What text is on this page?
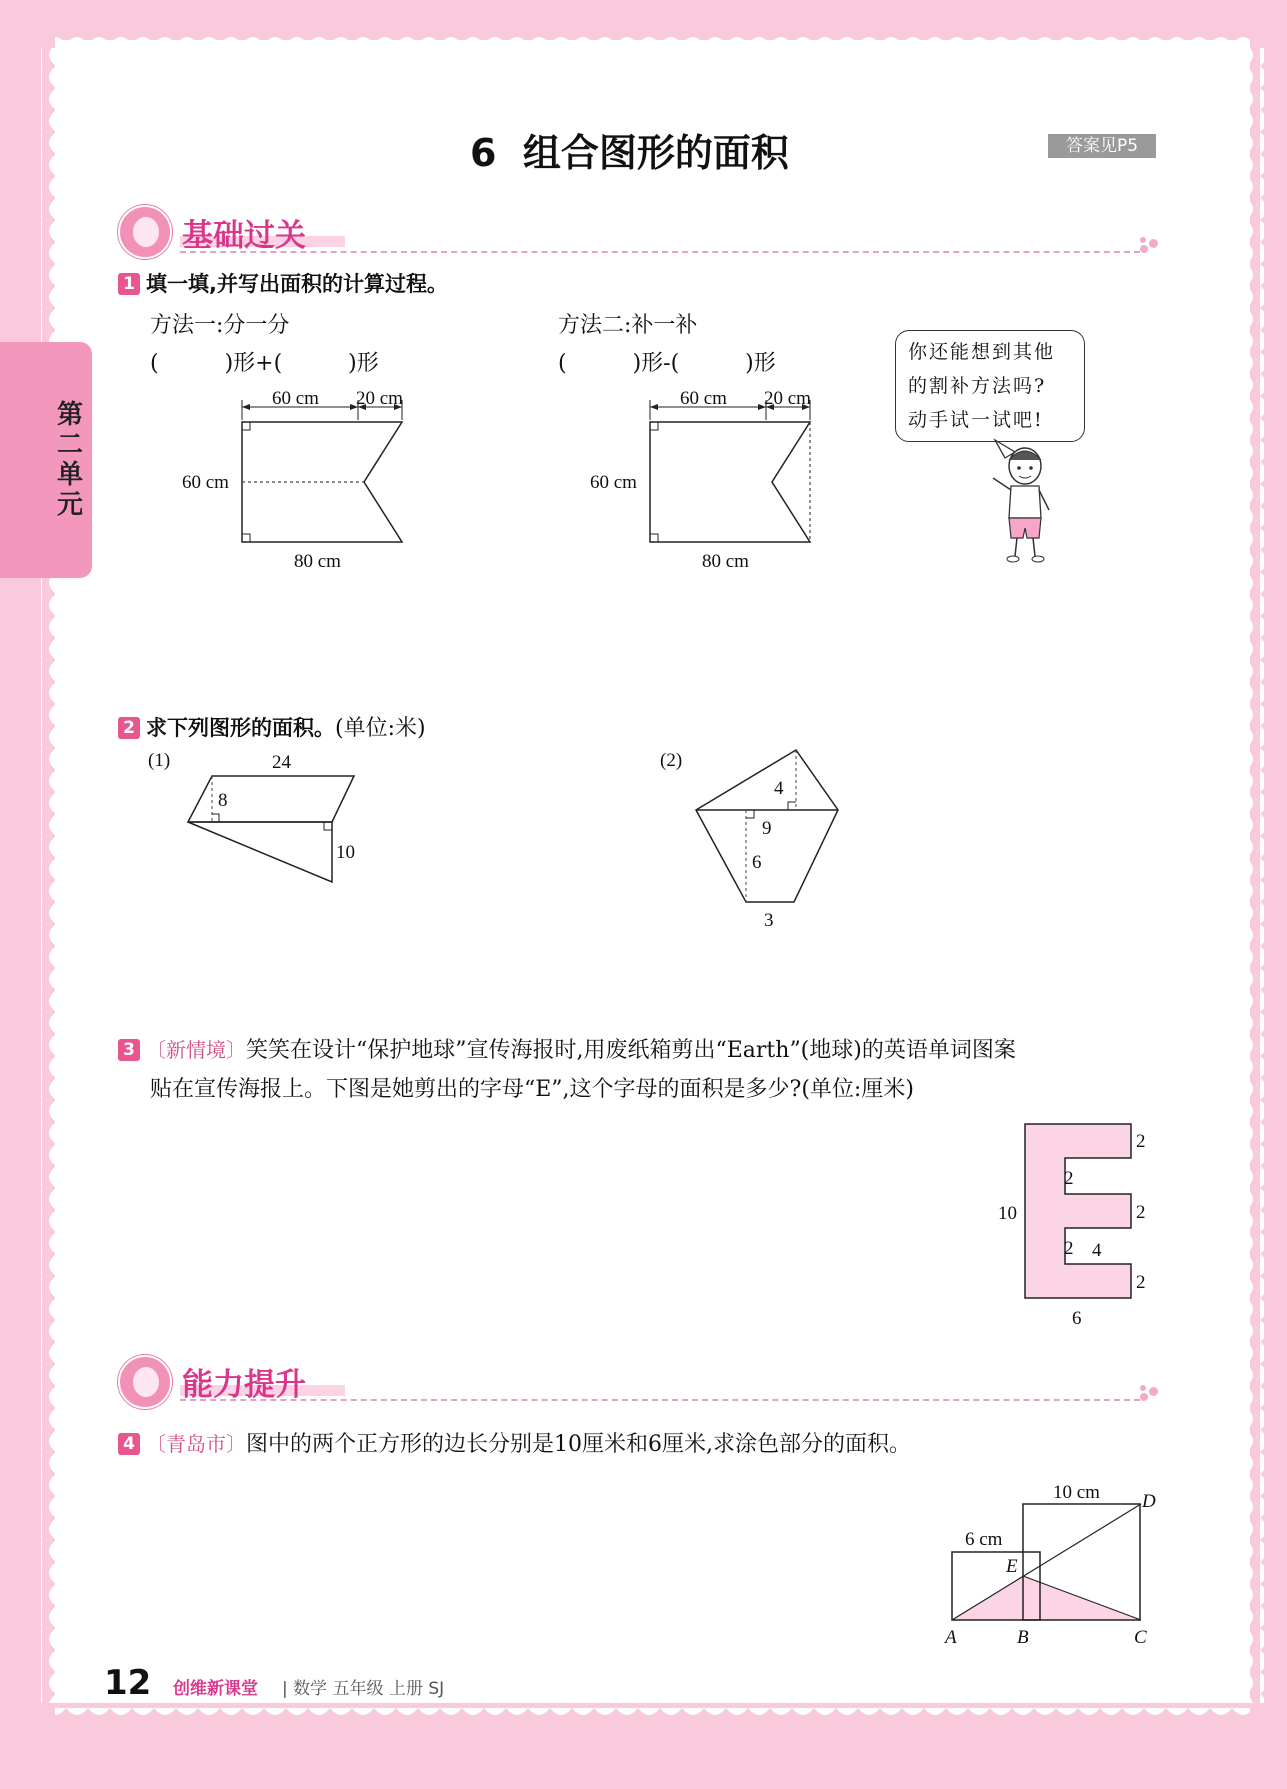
第二单元
6 组合图形的面积	答案见P5
基础过关
1 填一填,并写出面积的计算过程。
方法一:分一分
(　　　)形+(　　　)形
方法二:补一补
(　　　)形-(　　　)形
60 cm 20 cm
60 cm
80 cm
60 cm 20 cm
60 cm
80 cm
你还能想到其他
的割补方法吗?
动手试一试吧!
2 求下列图形的面积。(单位:米)
(1)	24
8
10
(2)
4
9
6
3
3 〔新情境〕笑笑在设计“保护地球”宣传海报时,用废纸箱剪出“Earth”(地球)的英语单词图案
贴在宣传海报上。下图是她剪出的字母“E”,这个字母的面积是多少?(单位:厘米)
10
6
2
2
2
2
2 4
能力提升
4 〔青岛市〕图中的两个正方形的边长分别是10厘米和6厘米,求涂色部分的面积。
10 cm
6 cm
A	B	C
D
E
12 创维新课堂 | 数学 五年级 上册 SJ
